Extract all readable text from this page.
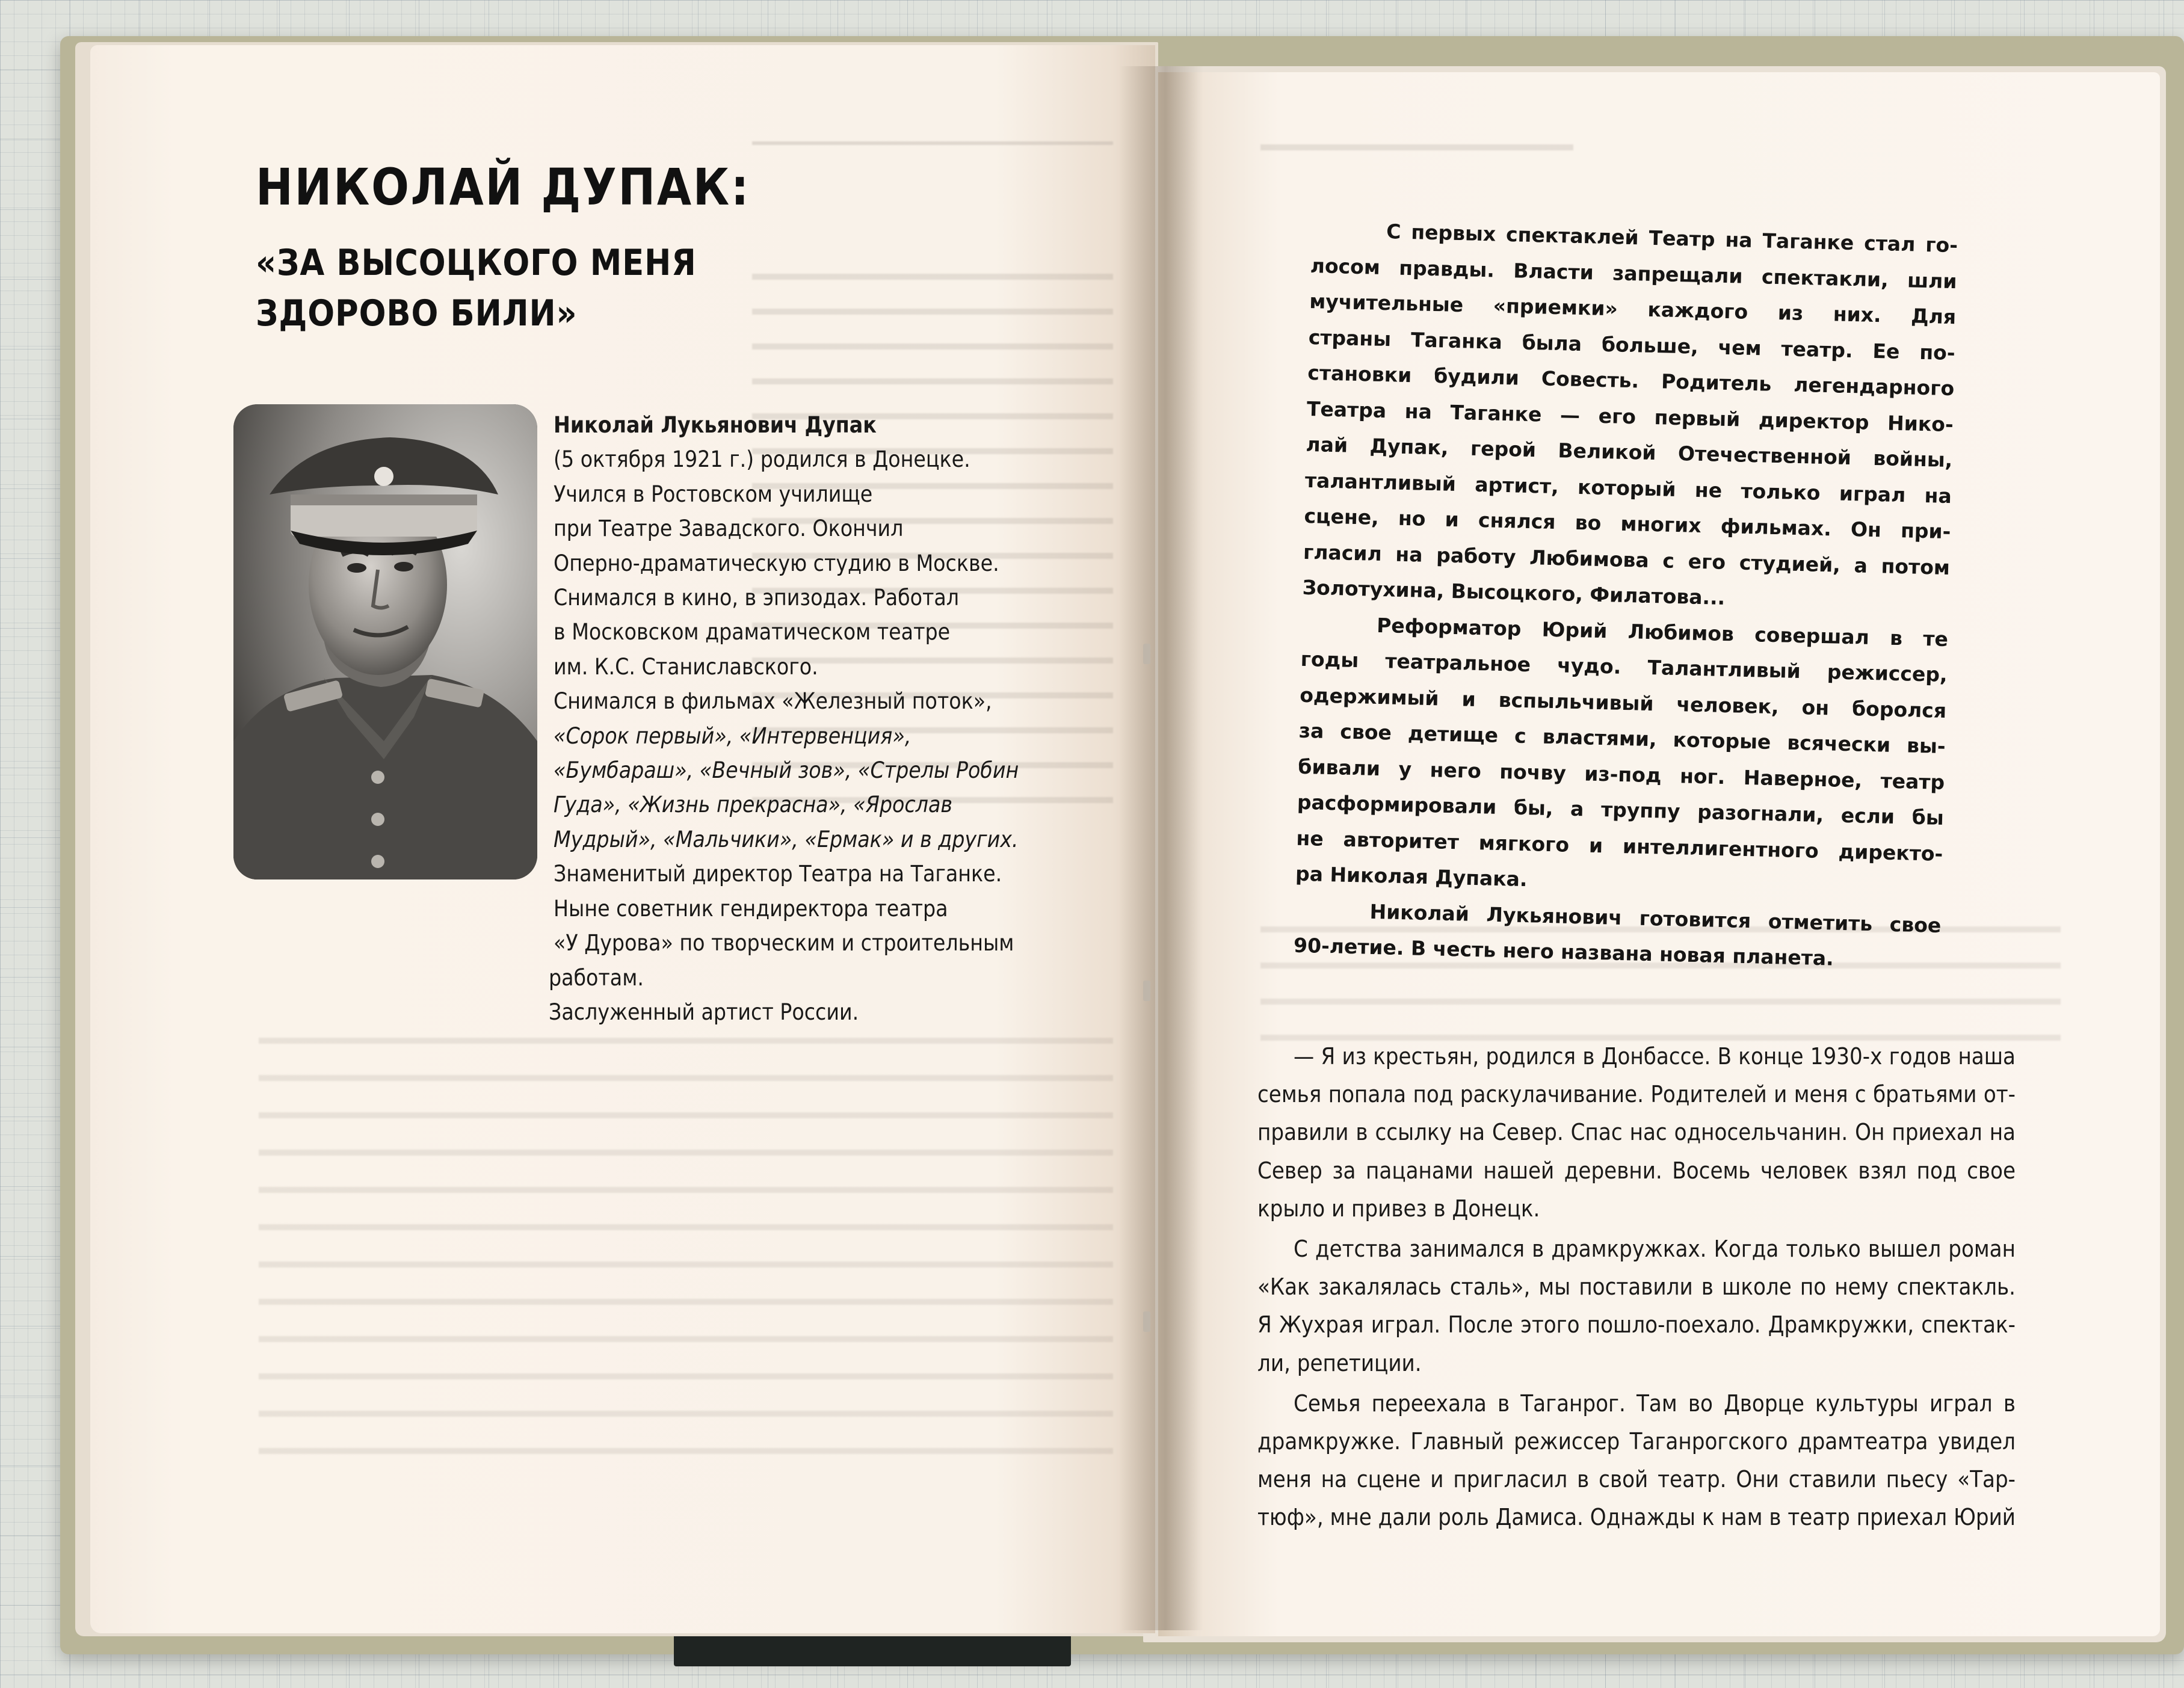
НИКОЛАЙ ДУПАК:
«ЗА ВЫСОЦКОГО МЕНЯ
ЗДОРОВО БИЛИ»
Николай Лукьянович Дупак
(5 октября 1921 г.) родился в Донецке.
Учился в Ростовском училище
при Театре Завадского. Окончил
Оперно-драматическую студию в Москве.
Снимался в кино, в эпизодах. Работал
в Московском драматическом театре
им. К.С. Станиславского.
Снимался в фильмах «Железный поток»,
«Сорок первый», «Интервенция»,
«Бумбараш», «Вечный зов», «Стрелы Робин
Гуда», «Жизнь прекрасна», «Ярослав
Мудрый», «Мальчики», «Ермак» и в других.
Знаменитый директор Театра на Таганке.
Ныне советник гендиректора театра
«У Дурова» по творческим и строительным
работам.
Заслуженный артист России.
С первых спектаклей Театр на Таганке стал го-
лосом правды. Власти запрещали спектакли, шли
мучительные «приемки» каждого из них. Для
страны Таганка была больше, чем театр. Ее по-
становки будили Совесть. Родитель легендарного
Театра на Таганке — его первый директор Нико-
лай Дупак, герой Великой Отечественной войны,
талантливый артист, который не только играл на
сцене, но и снялся во многих фильмах. Он при-
гласил на работу Любимова с его студией, а потом
Золотухина, Высоцкого, Филатова...
Реформатор Юрий Любимов совершал в те
годы театральное чудо. Талантливый режиссер,
одержимый и вспыльчивый человек, он боролся
за свое детище с властями, которые всячески вы-
бивали у него почву из-под ног. Наверное, театр
расформировали бы, а труппу разогнали, если бы
не авторитет мягкого и интеллигентного директо-
ра Николая Дупака.
Николай Лукьянович готовится отметить свое
90-летие. В честь него названа новая планета.
— Я из крестьян, родился в Донбассе. В конце 1930-х годов наша
семья попала под раскулачивание. Родителей и меня с братьями от-
правили в ссылку на Север. Спас нас односельчанин. Он приехал на
Север за пацанами нашей деревни. Восемь человек взял под свое
крыло и привез в Донецк.
С детства занимался в драмкружках. Когда только вышел роман
«Как закалялась сталь», мы поставили в школе по нему спектакль.
Я Жухрая играл. После этого пошло-поехало. Драмкружки, спектак-
ли, репетиции.
Семья переехала в Таганрог. Там во Дворце культуры играл в
драмкружке. Главный режиссер Таганрогского драмтеатра увидел
меня на сцене и пригласил в свой театр. Они ставили пьесу «Тар-
тюф», мне дали роль Дамиса. Однажды к нам в театр приехал Юрий
